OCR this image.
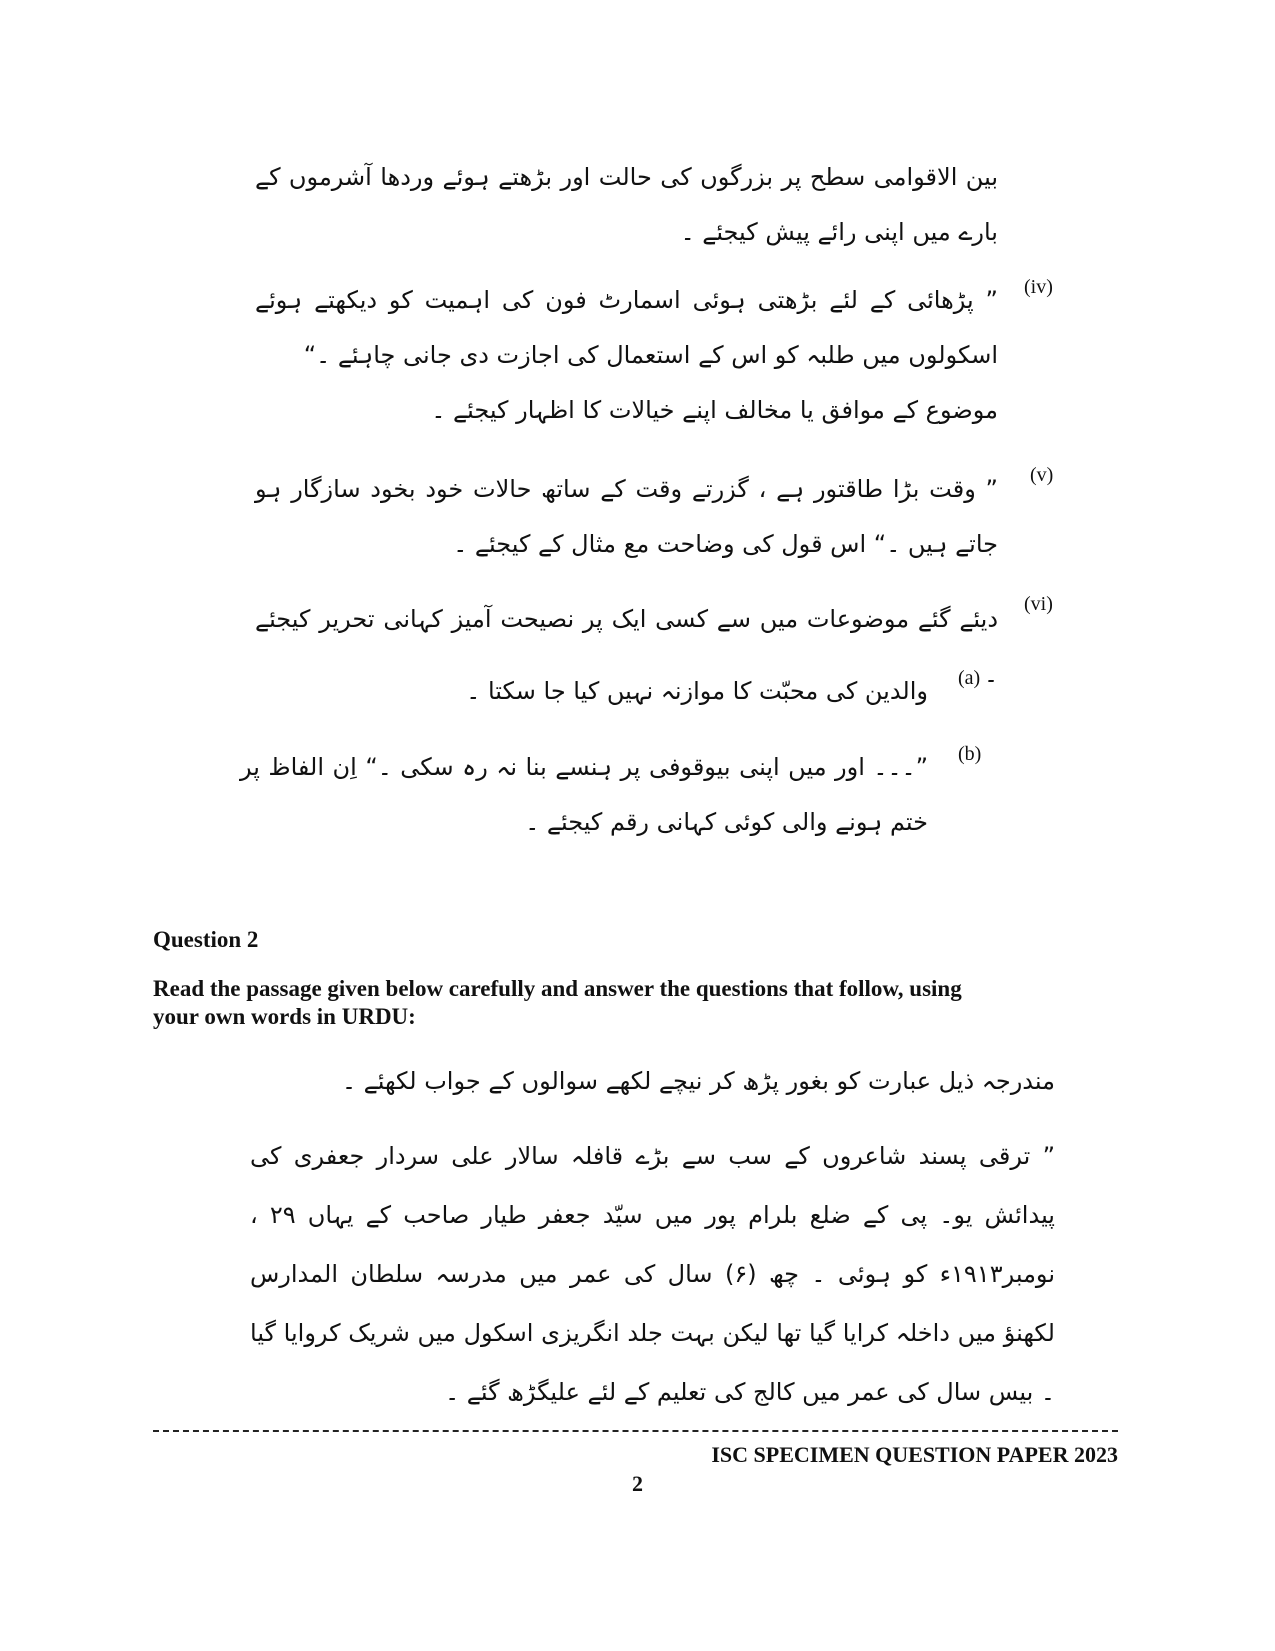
بین الاقوامی سطح پر بزرگوں کی حالت اور بڑھتے ہوئے وردھا آشرموں کے بارے میں اپنی رائے پیش کیجئے ۔
(iv)
” پڑھائی کے لئے بڑھتی ہوئی اسمارٹ فون کی اہمیت کو دیکھتے ہوئے اسکولوں میں طلبہ کو اس کے استعمال کی اجازت دی جانی چاہئے ۔“
موضوع کے موافق یا مخالف اپنے خیالات کا اظہار کیجئے ۔
(v)
” وقت بڑا طاقتور ہے ، گزرتے وقت کے ساتھ حالات خود بخود سازگار ہو جاتے ہیں ۔“ اس قول کی وضاحت مع مثال کے کیجئے ۔
(vi)
دیئے گئے موضوعات میں سے کسی ایک پر نصیحت آمیز کہانی تحریر کیجئے ۔
(a)
والدین کی محبّت کا موازنہ نہیں کیا جا سکتا ۔
(b)
”۔۔۔ اور میں اپنی بیوقوفی پر ہنسے بنا نہ رہ سکی ۔“ اِن الفاظ پر ختم ہونے والی کوئی کہانی رقم کیجئے ۔
Question 2
Read the passage given below carefully and answer the questions that follow, using your own words in URDU:
مندرجہ ذیل عبارت کو بغور پڑھ کر نیچے لکھے سوالوں کے جواب لکھئے ۔
” ترقی پسند شاعروں کے سب سے بڑے قافلہ سالار علی سردار جعفری کی پیدائش یو۔ پی کے ضلع بلرام پور میں سیّد جعفر طیار صاحب کے یہاں ۲۹ ، نومبر۱۹۱۳ء کو ہوئی ۔ چھ (۶) سال کی عمر میں مدرسہ سلطان المدارس لکھنؤ میں داخلہ کرایا گیا تھا لیکن بہت جلد انگریزی اسکول میں شریک کروایا گیا ۔ بیس سال کی عمر میں کالج کی تعلیم کے لئے علیگڑھ گئے ۔
ISC SPECIMEN QUESTION PAPER 2023
2
